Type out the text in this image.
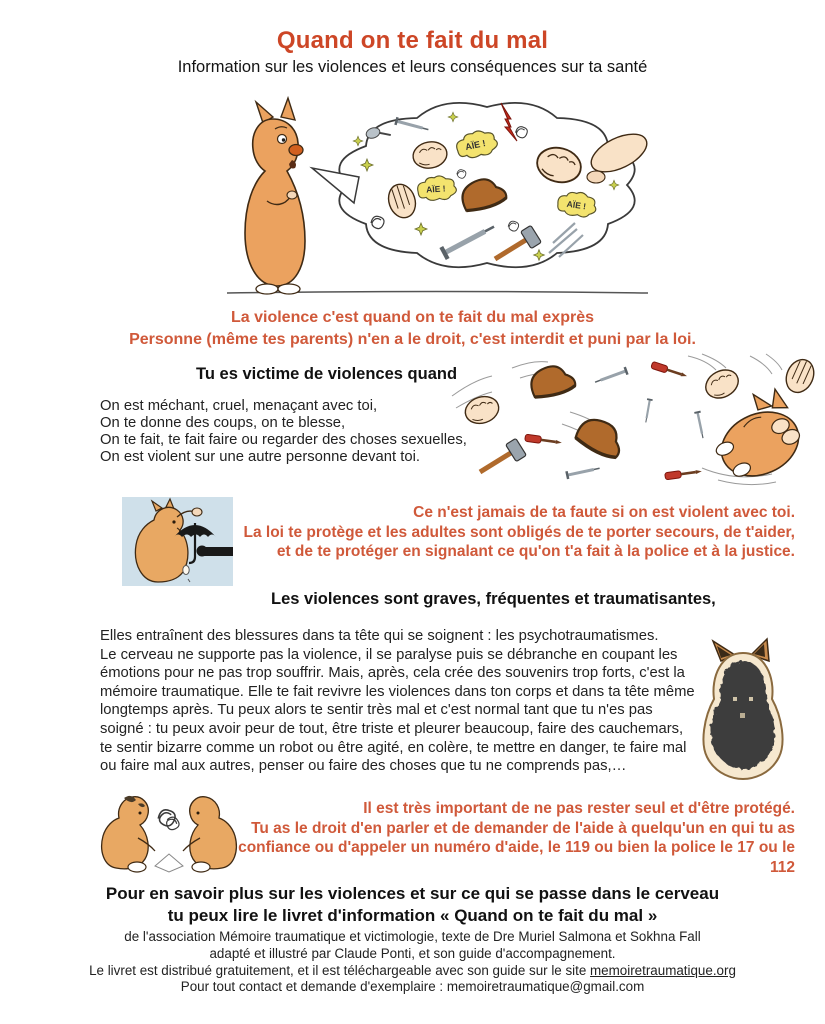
Quand on te fait du mal
Information sur les violences et leurs conséquences sur ta santé
AÏE !
AÏE !
AÏE !
La violence c'est quand on te fait du mal exprès
Personne (même tes parents) n'en a le droit, c'est interdit et puni par la loi.
Tu es victime de violences quand
On est méchant, cruel, menaçant avec toi,
On te donne des coups, on te blesse,
On te fait, te fait faire ou regarder des choses sexuelles,
On est violent sur une autre personne devant toi.
Ce n'est jamais de ta faute si on est violent avec toi.
La loi te protège et les adultes sont obligés de te porter secours, de t'aider,
et de te protéger en signalant ce qu'on t'a fait à la police et à la justice.
Les violences sont graves, fréquentes et traumatisantes,
Elles entraînent des blessures dans ta tête qui se soignent : les psychotraumatismes.
Le cerveau ne supporte pas la violence, il se paralyse puis se débranche en coupant les
émotions pour ne pas trop souffrir. Mais, après, cela crée des souvenirs trop forts, c'est la
mémoire traumatique. Elle te fait revivre les violences dans ton corps et dans ta tête même
longtemps après. Tu peux alors te sentir très mal et c'est normal tant que tu n'es pas
soigné : tu peux avoir peur de tout, être triste et pleurer beaucoup, faire des cauchemars,
te sentir bizarre comme un robot ou être agité, en colère, te mettre en danger, te faire mal
ou faire mal aux autres, penser ou faire des choses que tu ne comprends pas,…
Il est très important de ne pas rester seul et d'être protégé.
Tu as le droit d'en parler et de demander de l'aide à quelqu'un en qui tu as
confiance ou d'appeler un numéro d'aide, le 119 ou bien la police le 17 ou le 112
Pour en savoir plus sur les violences et sur ce qui se passe dans le cerveau
tu peux lire le livret d'information « Quand on te fait du mal »
de l'association Mémoire traumatique et victimologie, texte de Dre Muriel Salmona et Sokhna Fall
adapté et illustré par Claude Ponti, et son guide d'accompagnement.
Le livret est distribué gratuitement, et il est téléchargeable avec son guide sur le site memoiretraumatique.org
Pour tout contact et demande d'exemplaire : memoiretraumatique@gmail.com
